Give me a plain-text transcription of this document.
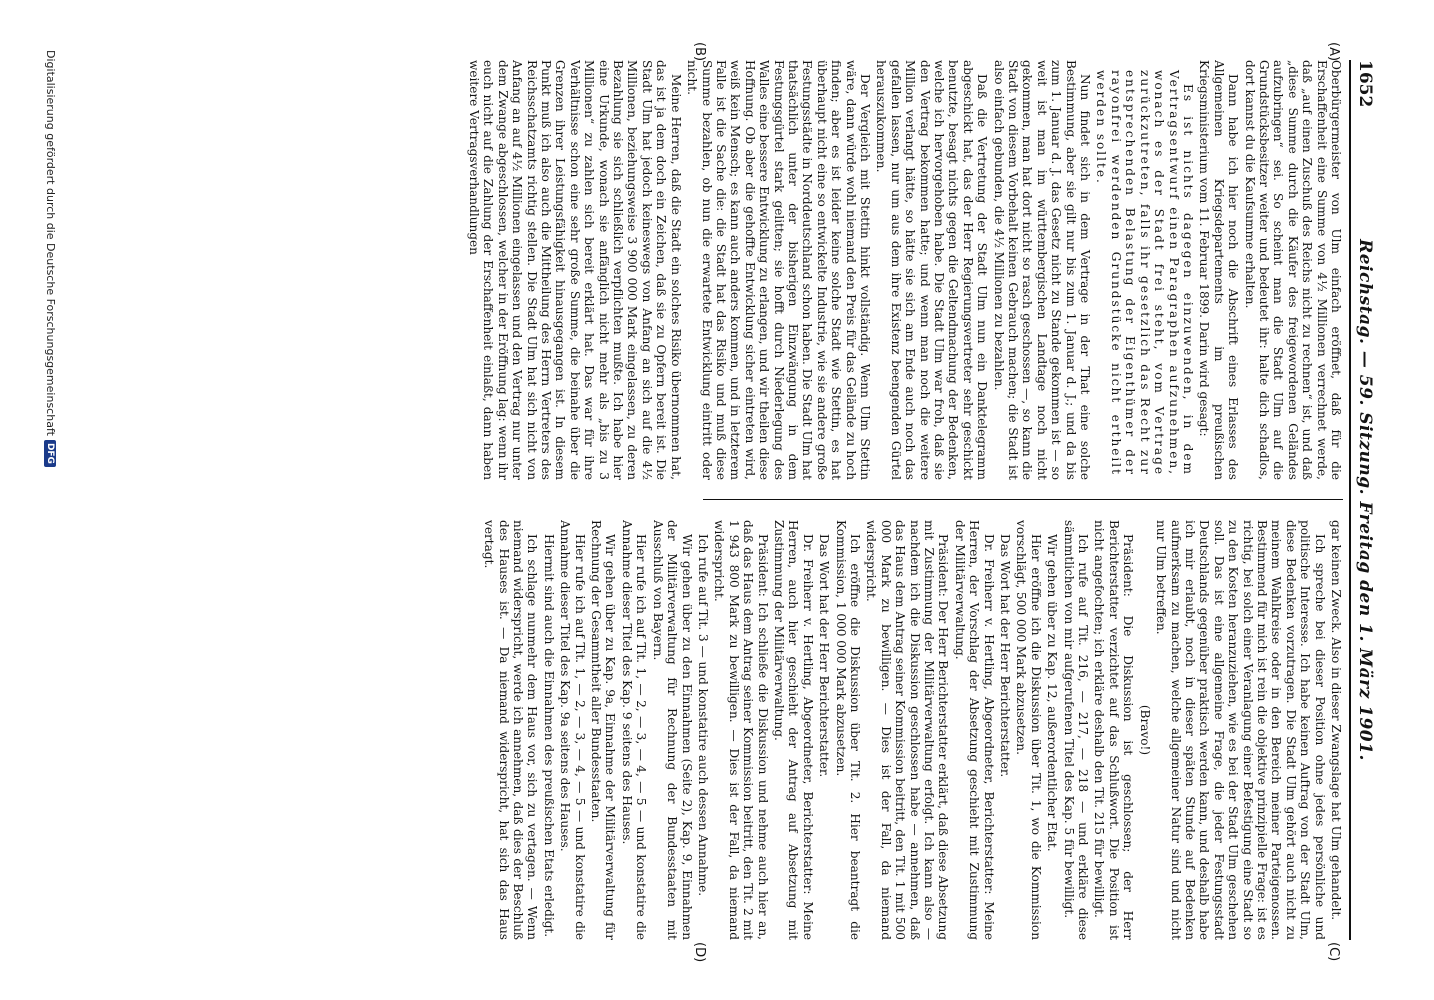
1652
Reichstag. — 59. Sitzung. Freitag den 1. März 1901.
(A)
(B)
(C)
(D)

Oberbürgermeister von Ulm einfach eröffnet, daß für die Erschaffenheit eine Summe von 4½ Millionen verrechnet werde, daß „auf einen Zuschuß des Reichs nicht zu rechnen“ ist, und daß „diese Summe durch die Käufer des freigewordenen Geländes aufzubringen“ sei. So scheint man die Stadt Ulm auf die Grundstücksbesitzer weiter und bedeutet ihr: halte dich schadlos, dort kannst du die Kaufsumme erhalten.

Dann habe ich hier noch die Abschrift eines Erlasses des Allgemeinen Kriegsdepartements im preußischen Kriegsministerium vom 11. Februar 1899. Darin wird gesagt:

Es ist nichts dagegen einzuwenden, in dem Vertragsentwurf einen Paragraphen aufzunehmen, wonach es der Stadt frei steht, vom Vertrage zurückzutreten, falls ihr gesetzlich das Recht zur entsprechenden Belastung der Eigenthümer der rayonfrei werdenden Grundstücke nicht ertheilt werden sollte.

Nun findet sich in dem Vertrage in der That eine solche Bestimmung, aber sie gilt nur bis zum 1. Januar d. J.; und da bis zum 1. Januar d. J. das Gesetz nicht zu Stande gekommen ist — so weit ist man im württembergischen Landtage noch nicht gekommen, man hat dort nicht so rasch geschossen —, so kann die Stadt von diesem Vorbehalt keinen Gebrauch machen; die Stadt ist also einfach gebunden, die 4½ Millionen zu bezahlen.

Daß die Vertretung der Stadt Ulm nun ein Danktelegramm abgeschickt hat, das der Herr Regierungsvertreter sehr geschickt benutzte, besagt nichts gegen die Geltendmachung der Bedenken, welche ich hervorgehoben habe. Die Stadt Ulm war froh, daß sie den Vertrag bekommen hatte; und wenn man noch die weitere Million verlangt hätte, so hätte sie sich am Ende auch noch das gefallen lassen, nur um aus dem ihre Existenz beengenden Gürtel herauszukommen.

Der Vergleich mit Stettin hinkt vollständig. Wenn Ulm Stettin wäre, dann würde wohl niemand den Preis für das Gelände zu hoch finden; aber es ist leider keine solche Stadt wie Stettin, es hat überhaupt nicht eine so entwickelte Industrie, wie sie andere große Festungsstädte in Norddeutschland schon haben. Die Stadt Ulm hat thatsächlich unter der bisherigen Einzwängung in dem Festungsgürtel stark gelitten; sie hofft durch Niederlegung des Walles eine bessere Entwicklung zu erlangen, und wir theilen diese Hoffnung. Ob aber die gehoffte Entwicklung sicher eintreten wird, weiß kein Mensch; es kann auch anders kommen, und in letzterem Falle ist die Sache die: die Stadt hat das Risiko und muß diese Summe bezahlen, ob nun die erwartete Entwicklung eintritt oder nicht.

Meine Herren, daß die Stadt ein solches Risiko übernommen hat, das ist ja dem doch ein Zeichen, daß sie zu Opfern bereit ist. Die Stadt Ulm hat jedoch keineswegs von Anfang an sich auf die 4½ Millionen, beziehungsweise 3 900 000 Mark eingelassen, zu deren Bezahlung sie sich schließlich verpflichten mußte. Ich habe hier eine Urkunde, wonach sie anfänglich nicht mehr als „bis zu 3 Millionen“ zu zahlen sich bereit erklärt hat. Das war für ihre Verhältnisse schon eine sehr große Summe, die beinahe über die Grenzen ihrer Leistungsfähigkeit hinausgegangen ist. In diesem Punkt muß ich also auch die Mittheilung des Herrn Vertreters des Reichsschatzamts richtig stellen. Die Stadt Ulm hat sich nicht von Anfang an auf 4½ Millionen eingelassen und den Vertrag nur unter dem Zwange abgeschlossen, welcher in der Eröffnung lag: wenn ihr euch nicht auf die Zahlung der Erschaffenheit einlaßt, dann haben weitere Vertragsverhandlungen

gar keinen Zweck. Also in dieser Zwangslage hat Ulm gehandelt.

Ich spreche bei dieser Position ohne jedes persönliche und politische Interesse. Ich habe keinen Auftrag von der Stadt Ulm, diese Bedenken vorzutragen. Die Stadt Ulm gehört auch nicht zu meinem Wahlkreise oder in den Bereich meiner Parteigenossen. Bestimmend für mich ist rein die objektive prinzipielle Frage: ist es richtig, bei solch einer Veranlagung einer Befestigung eine Stadt so zu den Kosten heranzuziehen, wie es bei der Stadt Ulm geschehen soll. Das ist eine allgemeine Frage, die jeder Festungsstadt Deutschlands gegenüber praktisch werden kann, und deshalb habe ich mir erlaubt, noch in dieser späten Stunde auf Bedenken aufmerksam zu machen, welche allgemeiner Natur sind und nicht nur Ulm betreffen.

(Bravo!)

Präsident: Die Diskussion ist geschlossen; der Herr Berichterstatter verzichtet auf das Schlußwort. Die Position ist nicht angefochten; ich erkläre deshalb den Tit. 215 für bewilligt.

Ich rufe auf Tit. 216, — 217, — 218 — und erkläre diese sämmtlichen von mir aufgerufenen Titel des Kap. 5 für bewilligt.

Wir gehen über zu Kap. 12, außerordentlicher Etat.

Hier eröffne ich die Diskussion über Tit. 1, wo die Kommission vorschlägt, 500 000 Mark abzusetzen.

Das Wort hat der Herr Berichterstatter.

Dr. Freiherr v. Hertling, Abgeordneter, Berichterstatter: Meine Herren, der Vorschlag der Absetzung geschieht mit Zustimmung der Militärverwaltung.

Präsident: Der Herr Berichterstatter erklärt, daß diese Absetzung mit Zustimmung der Militärverwaltung erfolgt. Ich kann also — nachdem ich die Diskussion geschlossen habe — annehmen, daß das Haus dem Antrag seiner Kommission beitritt, den Tit. 1 mit 500 000 Mark zu bewilligen. — Dies ist der Fall, da niemand widerspricht.

Ich eröffne die Diskussion über Tit. 2. Hier beantragt die Kommission, 1 000 000 Mark abzusetzen.

Das Wort hat der Herr Berichterstatter.

Dr. Freiherr v. Hertling, Abgeordneter, Berichterstatter: Meine Herren, auch hier geschieht der Antrag auf Absetzung mit Zustimmung der Militärverwaltung.

Präsident: Ich schließe die Diskussion und nehme auch hier an, daß das Haus dem Antrag seiner Kommission beitritt, den Tit. 2 mit 1 943 800 Mark zu bewilligen. — Dies ist der Fall, da niemand widerspricht.

Ich rufe auf Tit. 3 — und konstatire auch dessen Annahme.

Wir gehen über zu den Einnahmen (Seite 2), Kap. 9, Einnahmen der Militärverwaltung für Rechnung der Bundesstaaten mit Ausschluß von Bayern.

Hier rufe ich auf Tit. 1, — 2, — 3, — 4, — 5 — und konstatire die Annahme dieser Titel des Kap. 9 seitens des Hauses.

Wir gehen über zu Kap. 9a, Einnahme der Militärverwaltung für Rechnung der Gesammtheit aller Bundesstaaten.

Hier rufe ich auf Tit. 1, — 2, — 3, — 4, — 5 — und konstatire die Annahme dieser Titel des Kap. 9a seitens des Hauses.

Hiermit sind auch die Einnahmen des preußischen Etats erledigt.

Ich schlage nunmehr dem Haus vor, sich zu vertagen. — Wenn niemand widerspricht, werde ich annehmen, daß dies der Beschluß des Hauses ist. — Da niemand widerspricht, hat sich das Haus vertagt.

Digitalisierung gefördert durch die Deutsche Forschungsgemeinschaft
DFG
